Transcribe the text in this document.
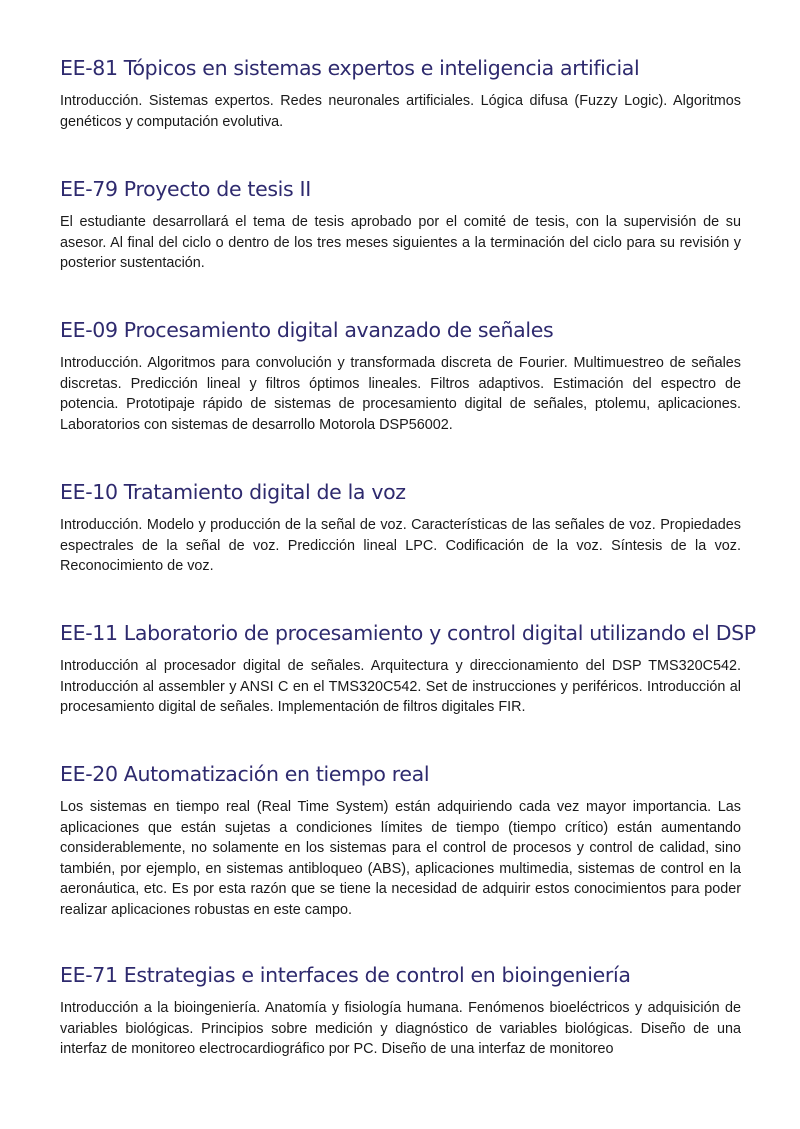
EE-81 Tópicos en sistemas expertos e inteligencia artificial

Introducción. Sistemas expertos. Redes neuronales artificiales. Lógica difusa (Fuzzy Logic). Algoritmos genéticos y computación evolutiva.

EE-79 Proyecto de tesis II

El estudiante desarrollará el tema de tesis aprobado por el comité de tesis, con la supervisión de su asesor. Al final del ciclo o dentro de los tres meses siguientes a la terminación del ciclo para su revisión y posterior sustentación.

EE-09 Procesamiento digital avanzado de señales

Introducción. Algoritmos para convolución y transformada discreta de Fourier. Multimuestreo de señales discretas. Predicción lineal y filtros óptimos lineales. Filtros adaptivos. Estimación del espectro de potencia. Prototipaje rápido de sistemas de procesamiento digital de señales, ptolemu, aplicaciones. Laboratorios con sistemas de desarrollo Motorola DSP56002.

EE-10 Tratamiento digital de la voz

Introducción. Modelo y producción de la señal de voz. Características de las señales de voz. Propiedades espectrales de la señal de voz. Predicción lineal LPC. Codificación de la voz. Síntesis de la voz. Reconocimiento de voz.

EE-11 Laboratorio de procesamiento y control digital utilizando el DSP

Introducción al procesador digital de señales. Arquitectura y direccionamiento del DSP TMS320C542. Introducción al assembler y ANSI C en el TMS320C542. Set de instrucciones y periféricos. Introducción al procesamiento digital de señales. Implementación de filtros digitales FIR.

EE-20 Automatización en tiempo real

Los sistemas en tiempo real (Real Time System) están adquiriendo cada vez mayor importancia. Las aplicaciones que están sujetas a condiciones límites de tiempo (tiempo crítico) están aumentando considerablemente, no solamente en los sistemas para el control de procesos y control de calidad, sino también, por ejemplo, en sistemas antibloqueo (ABS), aplicaciones multimedia, sistemas de control en la aeronáutica, etc. Es por esta razón que se tiene la necesidad de adquirir estos conocimientos para poder realizar aplicaciones robustas en este campo.

EE-71 Estrategias e interfaces de control en bioingeniería

Introducción a la bioingeniería. Anatomía y fisiología humana. Fenómenos bioeléctricos y adquisición de variables biológicas. Principios sobre medición y diagnóstico de variables biológicas. Diseño de una interfaz de monitoreo electrocardiográfico por PC. Diseño de una interfaz de monitoreo
